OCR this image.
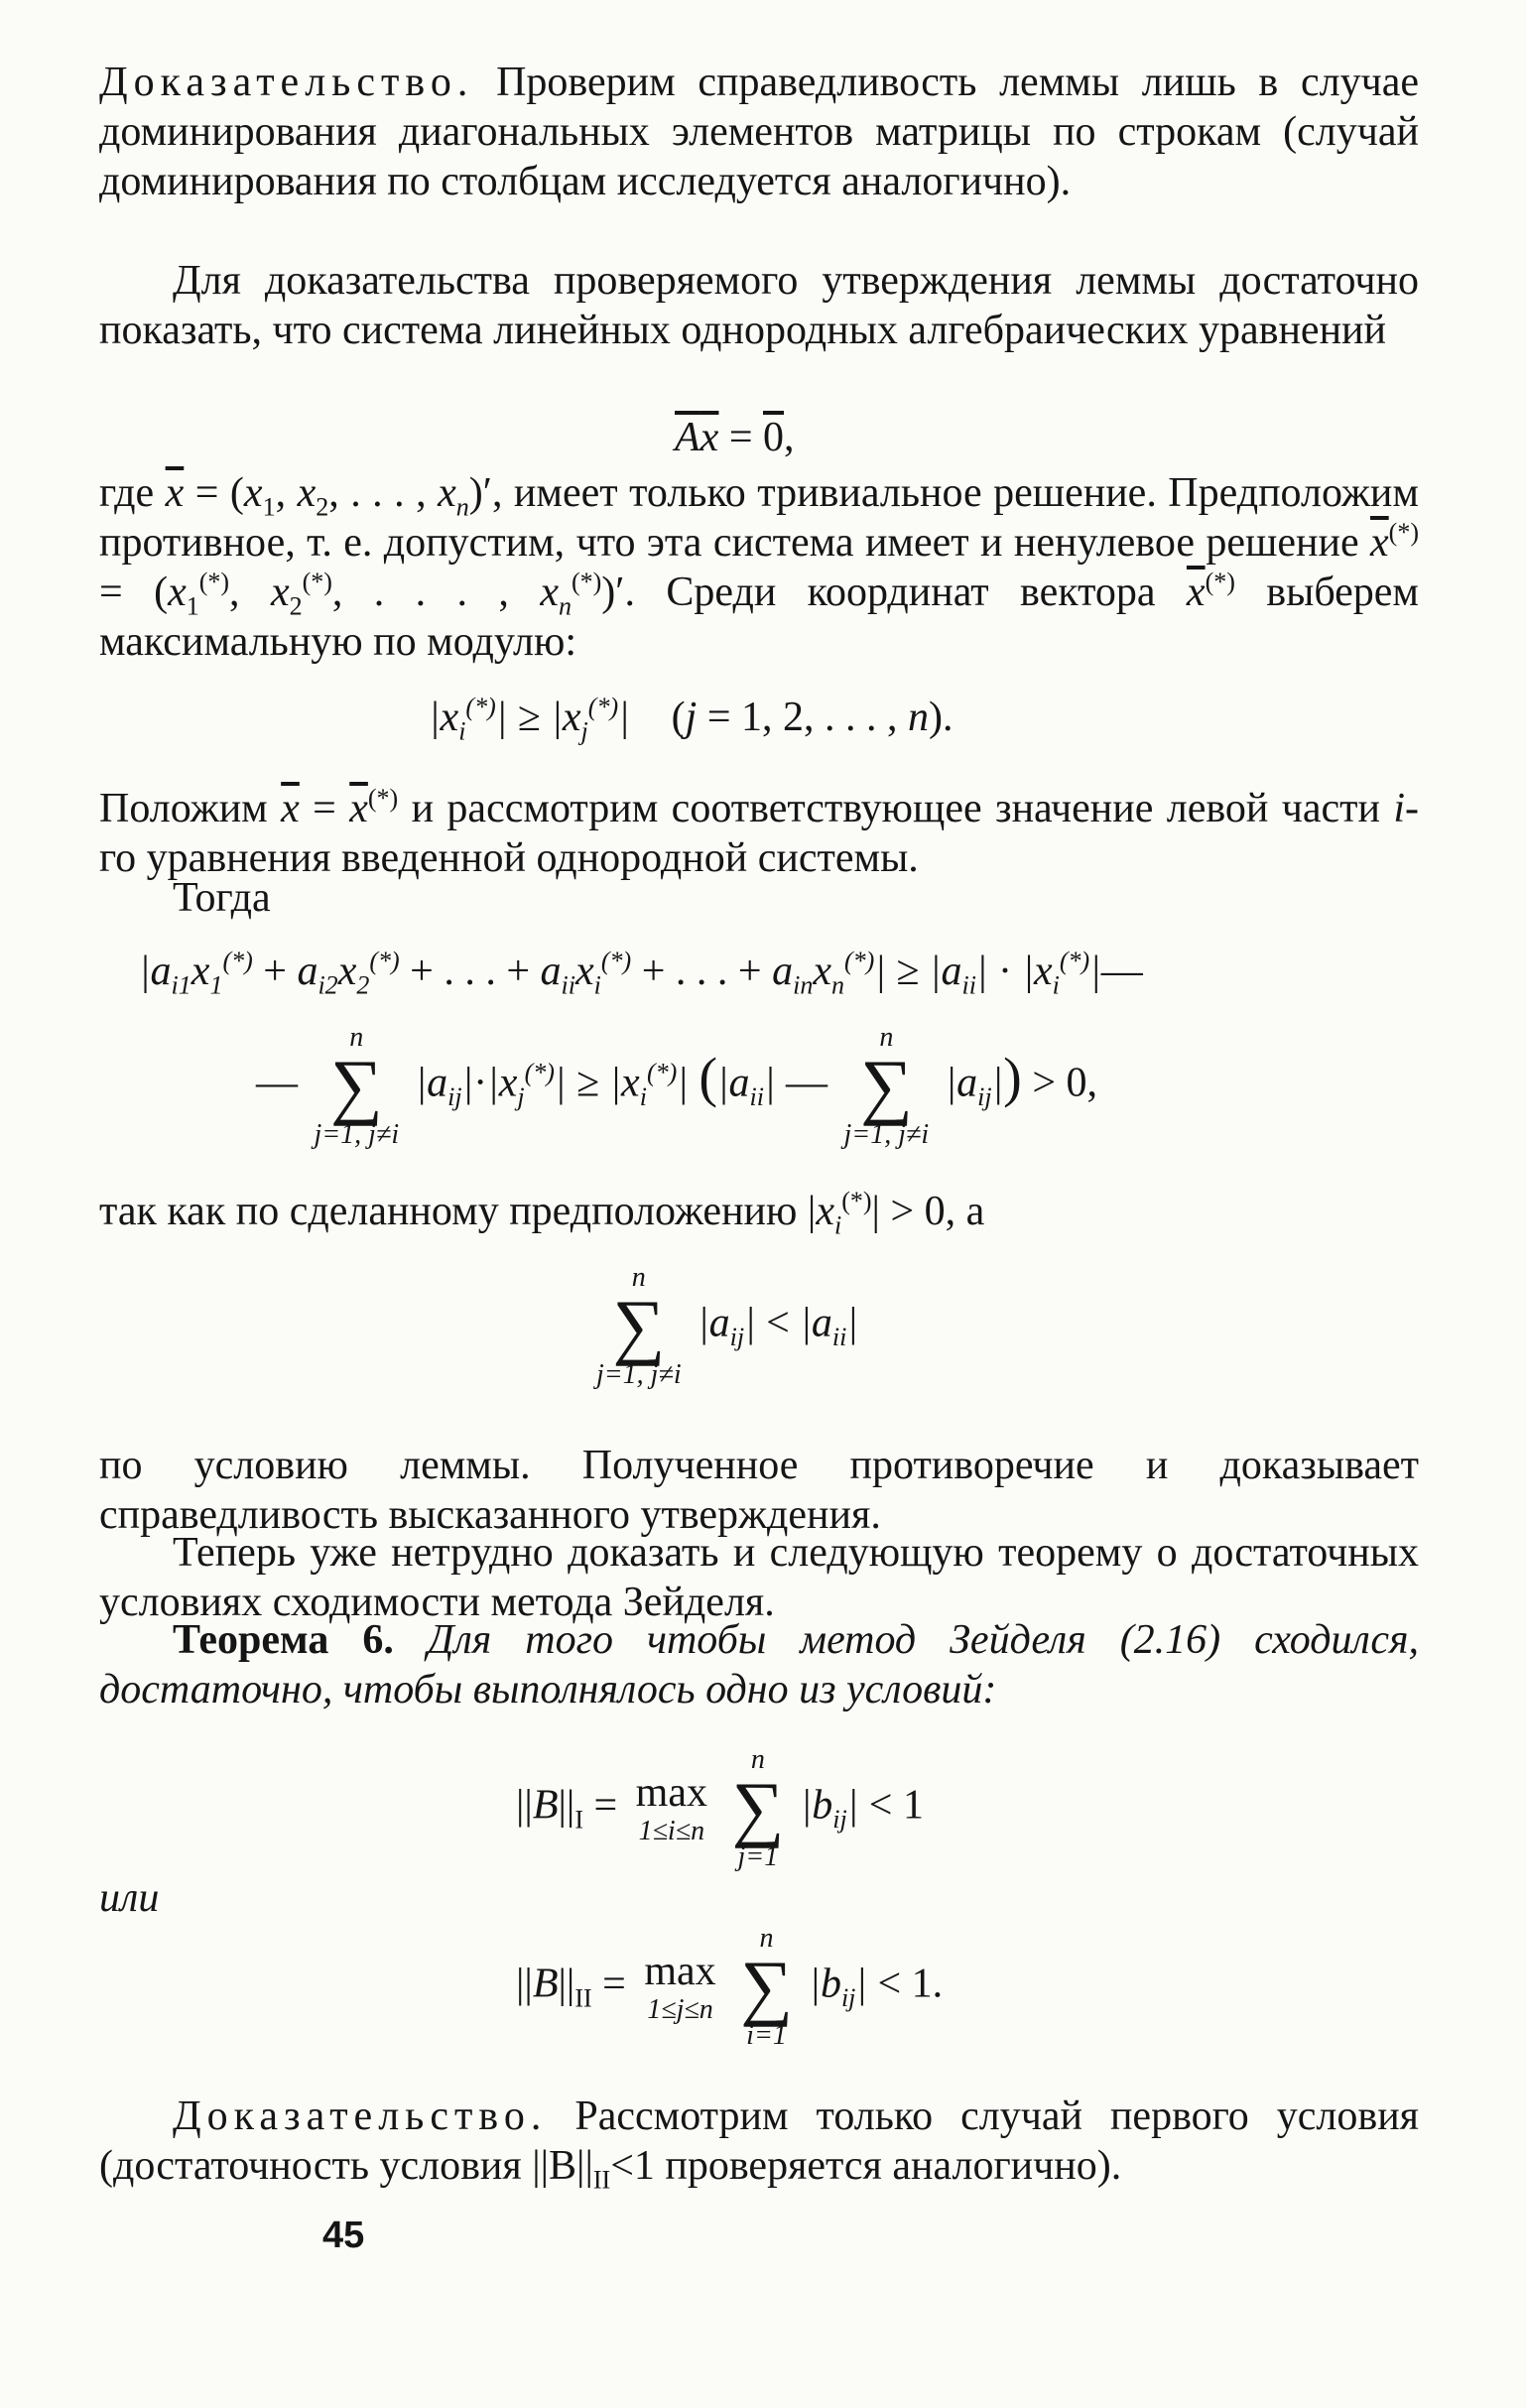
Доказательство. Проверим справедливость леммы лишь в случае доминирования диагональных элементов матрицы по строкам (случай доминирования по столбцам исследуется аналогично).

Для доказательства проверяемого утверждения леммы достаточно показать, что система линейных однородных алгебраических уравнений

Ax = 0,

где $\overline{x} = (x_1$, $x_2$, . . . , $x_n)'$, имеет только тривиальное решение. Предположим противное, т. е. допустим, что эта система имеет и ненулевое решение $\overline{x}^{(*)} = (x_1^{(*)}$, $x_2^{(*)}$, . . . , $x_n^{(*)})'$. Среди координат вектора $\overline{x}^{(*)}$ выберем максимальную по модулю:

$|x_i^{(*)}| \ge |x_j^{(*)}|$    (j = 1, 2, . . . , n).

Положим $\overline{x} = \overline{x}^{(*)}$ и рассмотрим соответствующее значение левой части i-го уравнения введенной однородной системы.

Тогда

$|a_{i1}x_1^{(*)} + a_{i2}x_2^{(*)}$ + . . . + $a_{ii}x_i^{(*)}$ + . . . + $a_{in}x_n^{(*)}| \ge |a_{ii}|$ · $|x_i^{(*)}|—$
—
n
∑
j=1, j≠i
$|a_{ij}|\cdot|x_j^{(*)}| \ge |x_i^{(*)}|$ ($|a_{ii}|$ —
n
∑
j=1, j≠i
$|a_{ij}|) > 0$,

так как по сделанному предположению $|x_i^{(*)}| > 0$, а

n
∑
j=1, j≠i
$|a_{ij}| < |a_{ii}|$

по условию леммы. Полученное противоречие и доказывает справедливость высказанного утверждения.

Теперь уже нетрудно доказать и следующую теорему о достаточных условиях сходимости метода Зейделя.

Теорема 6. Для того чтобы метод Зейделя (2.16) сходился, достаточно, чтобы выполнялось одно из условий:

$||B||_I = \max$
1≤i≤n

n
∑
j=1
$|b_{ij}| < 1$
или
$||B||_{II} = \max$
1≤j≤n

n
∑
i=1
$|b_{ij}| < 1$.

Доказательство. Рассмотрим только случай первого условия (достаточность условия $||B||_{II}<1$ проверяется аналогично).

45
